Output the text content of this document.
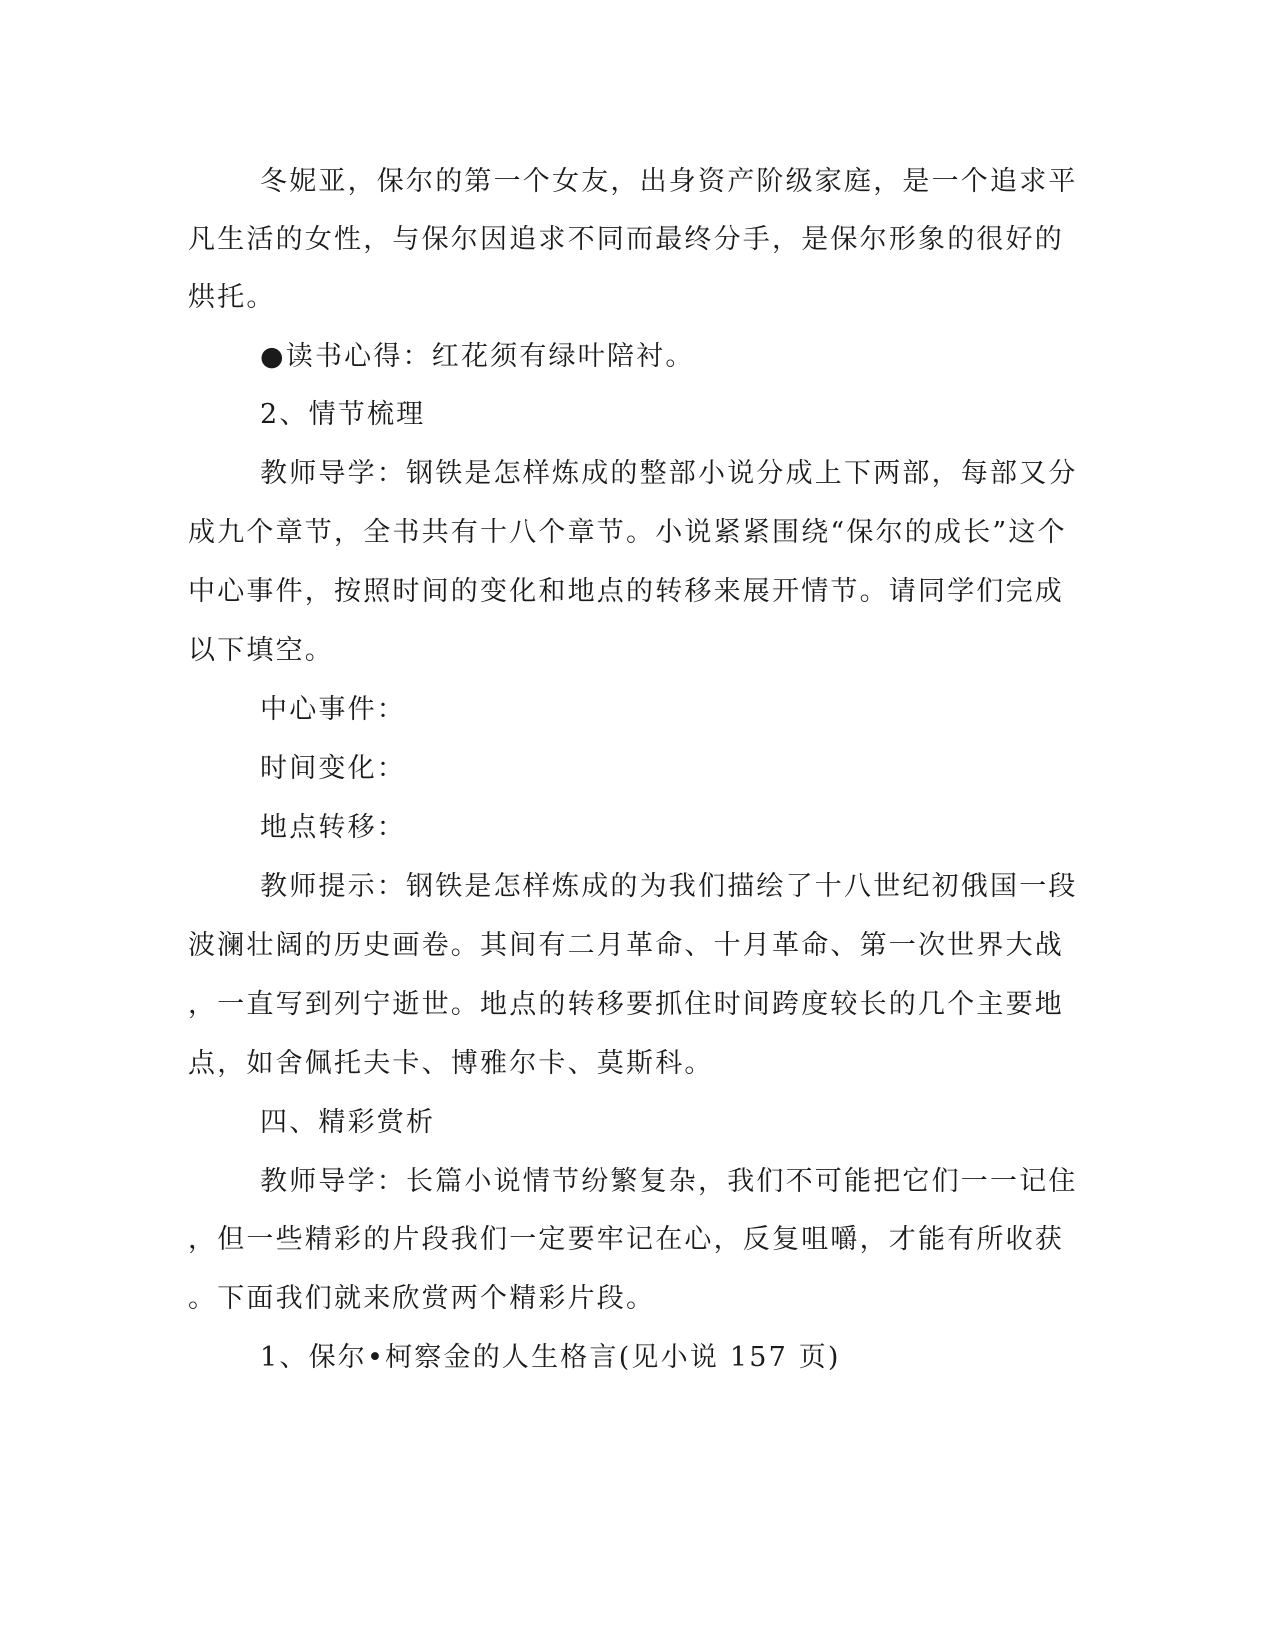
冬妮亚，保尔的第一个女友，出身资产阶级家庭，是一个追求平
凡生活的女性，与保尔因追求不同而最终分手，是保尔形象的很好的
烘托。
●读书心得：红花须有绿叶陪衬。
2、情节梳理
教师导学：钢铁是怎样炼成的整部小说分成上下两部，每部又分
成九个章节，全书共有十八个章节。小说紧紧围绕“保尔的成长”这个
中心事件，按照时间的变化和地点的转移来展开情节。请同学们完成
以下填空。
中心事件：
时间变化：
地点转移：
教师提示：钢铁是怎样炼成的为我们描绘了十八世纪初俄国一段
波澜壮阔的历史画卷。其间有二月革命、十月革命、第一次世界大战
，一直写到列宁逝世。地点的转移要抓住时间跨度较长的几个主要地
点，如舍佩托夫卡、博雅尔卡、莫斯科。
四、精彩赏析
教师导学：长篇小说情节纷繁复杂，我们不可能把它们一一记住
，但一些精彩的片段我们一定要牢记在心，反复咀嚼，才能有所收获
。下面我们就来欣赏两个精彩片段。
1、保尔•柯察金的人生格言(见小说 157 页)
